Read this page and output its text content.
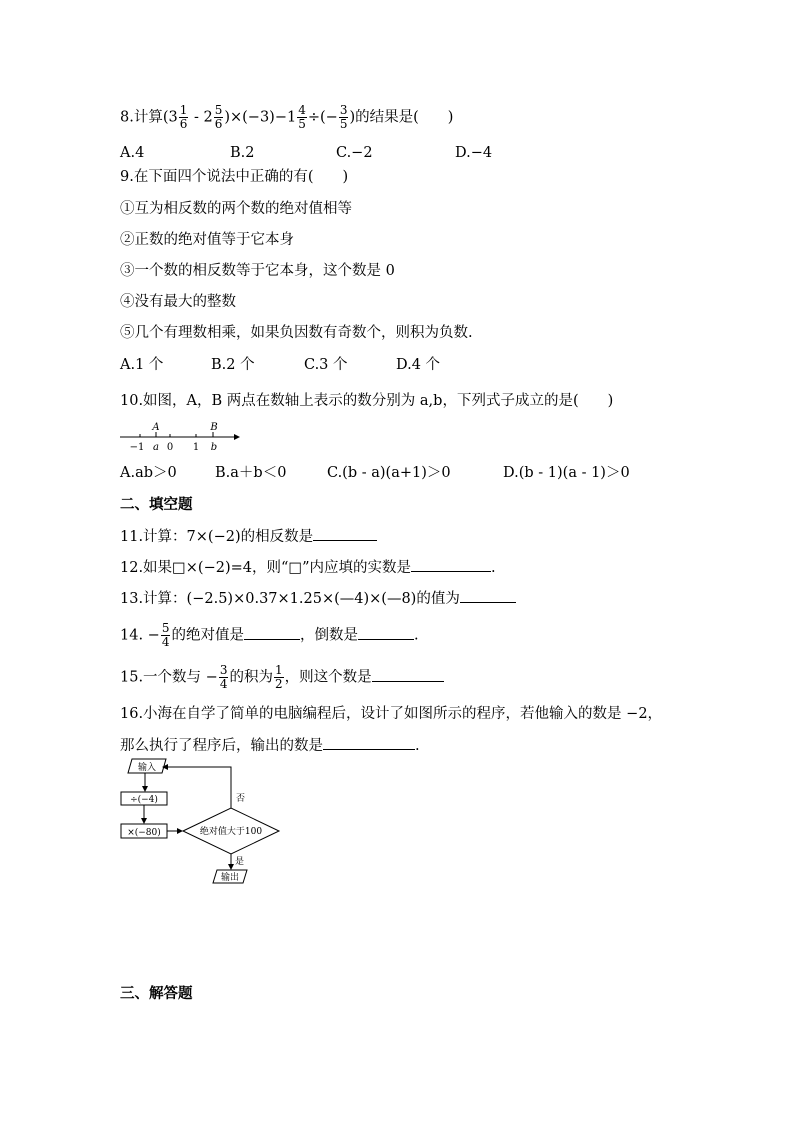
8.计算$(3 \frac{1}{6} - 2 \frac{5}{6} )\times(-3)-1 \frac{4}{5}$ ÷(− $\frac{3}{5}$ )的结果是(　　)
A.4	B.2	C.−2	D.−4
9.在下面四个说法中正确的有(　　)
①互为相反数的两个数的绝对值相等
②正数的绝对值等于它本身
③一个数的相反数等于它本身，这个数是 0
④没有最大的整数
⑤几个有理数相乘，如果负因数有奇数个，则积为负数.
A.1 个	B.2 个	C.3 个	D.4 个
10.如图，A，B 两点在数轴上表示的数分别为 a,b，下列式子成立的是(　　)
A	B
−1 a 0 1 b
A.ab＞0	B.a＋b＜0	C.(b - a)(a+1)＞0	D.(b - 1)(a - 1)＞0
二、填空题
11.计算：7×(−2)的相反数是
12.如果□×(−2)=4，则“□”内应填的实数是	.
13.计算：(−2.5)×0.37×1.25×(—4)×(—8)的值为
14. − $\frac{5}{4}$ 的绝对值是	，倒数是	.
15.一个数与 − $\frac{3}{4}$ 的积为 $\frac{1}{2}$ ，则这个数是
16.小海在自学了简单的电脑编程后，设计了如图所示的程序，若他输入的数是 −2，
那么执行了程序后，输出的数是	.
输入
÷(−4)
×(−80)	绝对值大于100
否
是
输出
三、解答题
